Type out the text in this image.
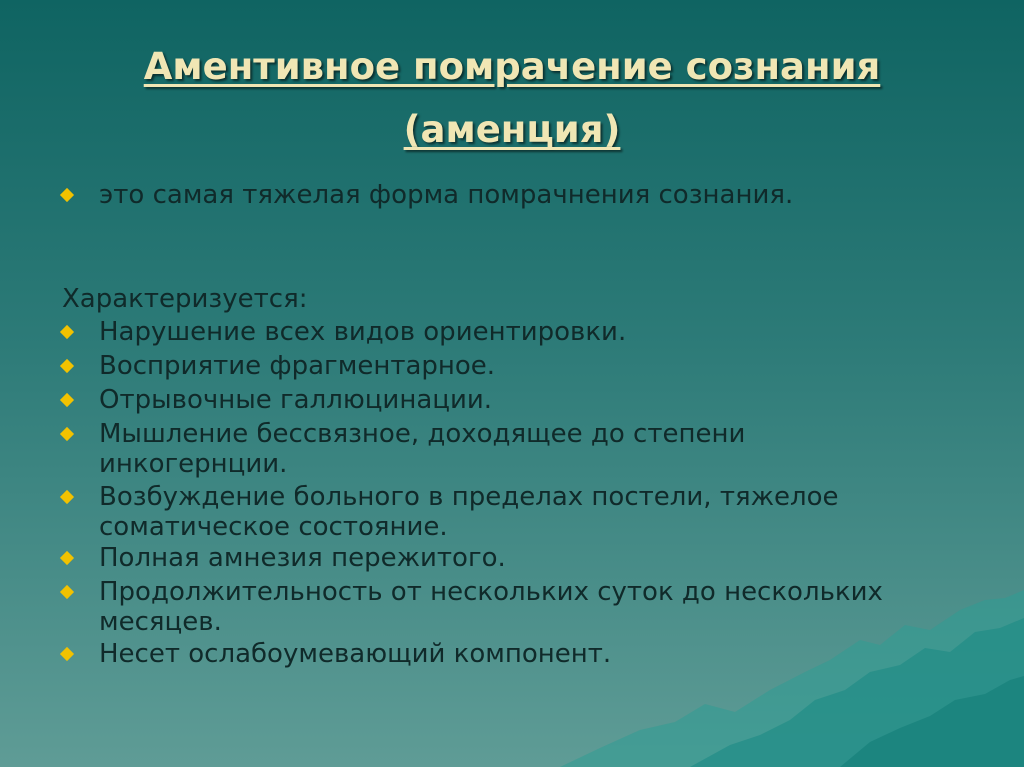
Аментивное помрачение сознания
(аменция)
это самая тяжелая форма помрачнения сознания.
Характеризуется:
Нарушение всех видов ориентировки.
Восприятие фрагментарное.
Отрывочные галлюцинации.
Мышление бессвязное, доходящее до степени инкогернции.
Возбуждение больного в пределах постели, тяжелое соматическое состояние.
Полная амнезия пережитого.
Продолжительность от нескольких суток до нескольких месяцев.
Несет ослабоумевающий компонент.
